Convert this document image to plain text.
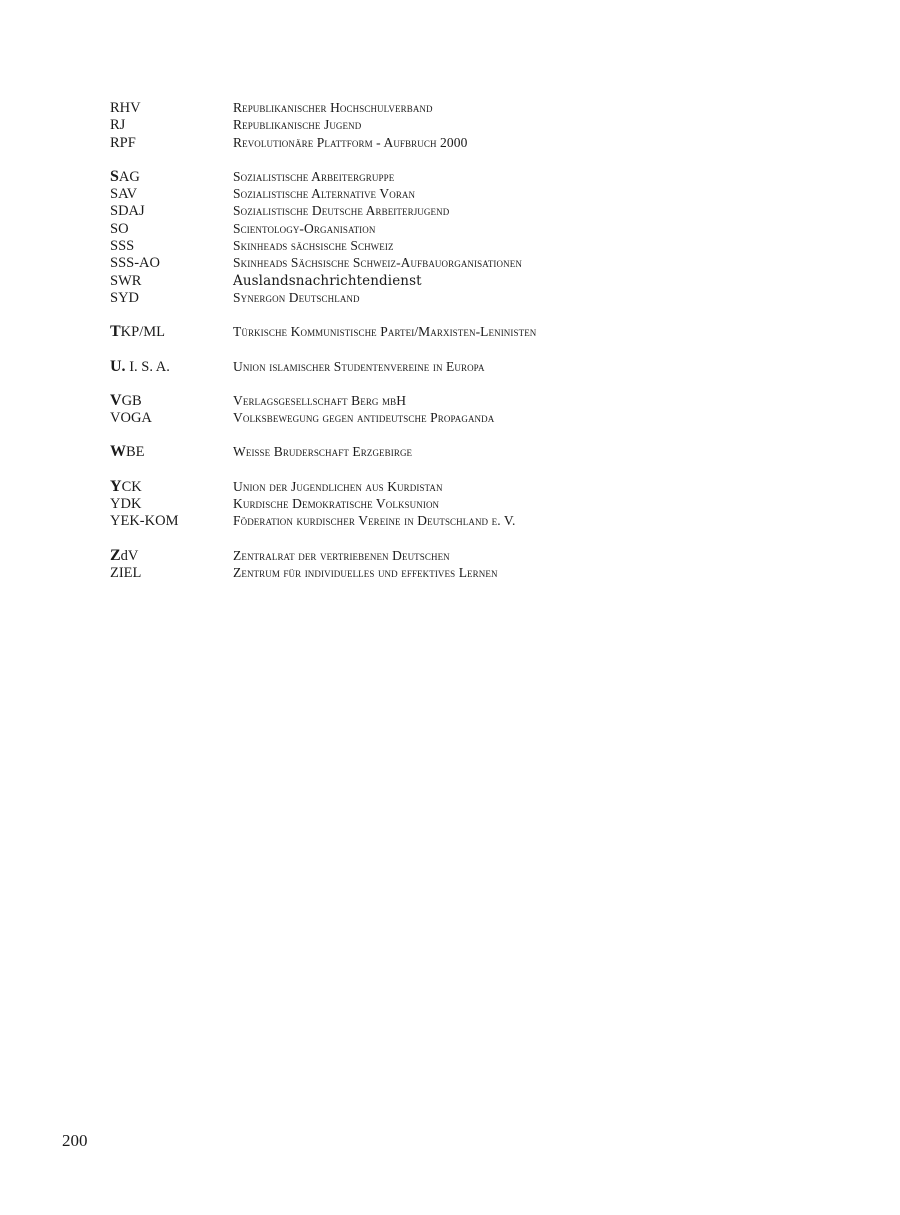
RHV	Republikanischer Hochschulverband
RJ	Republikanische Jugend
RPF	Revolutionäre Plattform - Aufbruch 2000
SAG	Sozialistische Arbeitergruppe
SAV	Sozialistische Alternative Voran
SDAJ	Sozialistische Deutsche Arbeiterjugend
SO	Scientology-Organisation
SSS	Skinheads sächsische Schweiz
SSS-AO	Skinheads Sächsische Schweiz-Aufbauorganisationen
SWR	Auslandsnachrichtendienst
SYD	Synergon Deutschland
TKP/ML	Türkische Kommunistische Partei/Marxisten-Leninisten
U. I. S. A.	Union islamischer Studentenvereine in Europa
VGB	Verlagsgesellschaft Berg mbH
VOGA	Volksbewegung gegen antideutsche Propaganda
WBE	Weiße Bruderschaft Erzgebirge
YCK	Union der Jugendlichen aus Kurdistan
YDK	Kurdische Demokratische Volksunion
YEK-KOM	Föderation kurdischer Vereine in Deutschland e. V.
ZdV	Zentralrat der vertriebenen Deutschen
ZIEL	Zentrum für individuelles und effektives Lernen
200
